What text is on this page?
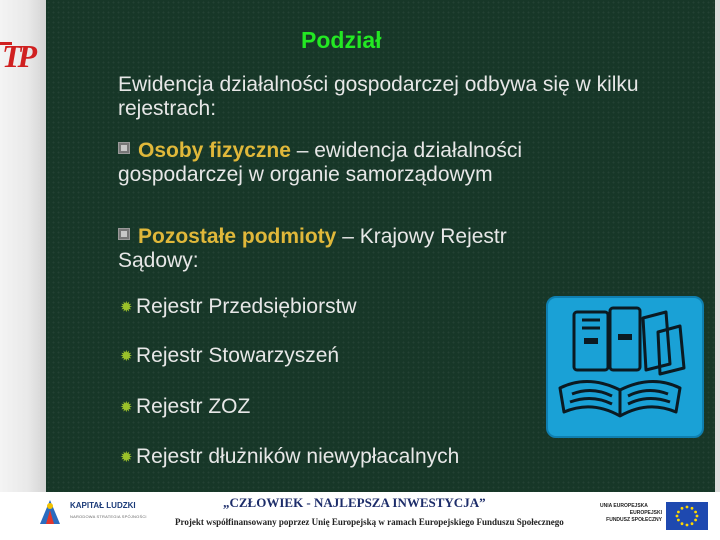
TP	Podział
Ewidencja działalności gospodarczej odbywa się w kilku rejestrach:
Osoby fizyczne – ewidencja działalności
gospodarczej w organie samorządowym
Pozostałe podmioty – Krajowy Rejestr
Sądowy:
✹ Rejestr Przedsiębiorstw
✹ Rejestr Stowarzyszeń
✹ Rejestr ZOZ
✹ Rejestr dłużników niewypłacalnych
KAPITAŁ LUDZKI
NARODOWA STRATEGIA SPÓJNOŚCI
„CZŁOWIEK - NAJLEPSZA INWESTYCJA”
Projekt współfinansowany poprzez Unię Europejską w ramach Europejskiego Funduszu Społecznego
UNIA EUROPEJSKA
EUROPEJSKI
FUNDUSZ SPOŁECZNY
